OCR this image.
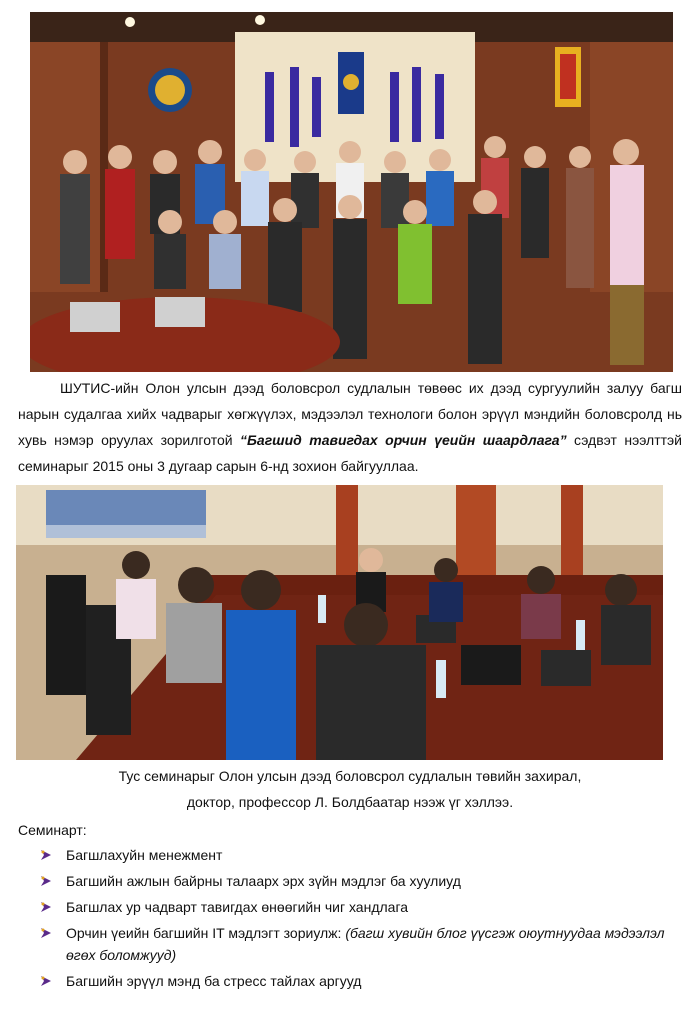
ШУТИС-ийн Олон улсын дээд боловсрол судлалын төвөөс их дээд сургуулийн залуу багш нарын судалгаа хийх чадварыг хөгжүүлэх, мэдээлэл технологи болон эрүүл мэндийн боловсролд нь хувь нэмэр оруулах зорилготой “Багшид тавигдах орчин үеийн шаардлага” сэдвэт нээлттэй семинарыг 2015 оны 3 дугаар сарын 6-нд зохион байгууллаа.
Тус семинарыг Олон улсын дээд боловсрол судлалын төвийн захирал,
доктор, профессор Л. Болдбаатар нээж үг хэллээ.
Семинарт:
Багшлахуйн менежмент
Багшийн ажлын байрны талаарх эрх зүйн мэдлэг ба хуулиуд
Багшлах ур чадварт тавигдах өнөөгийн чиг хандлага
Орчин үеийн багшийн IT мэдлэгт зориулж: (багш хувийн блог үүсгэж оюутнуудаа мэдээлэл өгөх боломжууд)
Багшийн эрүүл мэнд ба стресс тайлах аргууд
